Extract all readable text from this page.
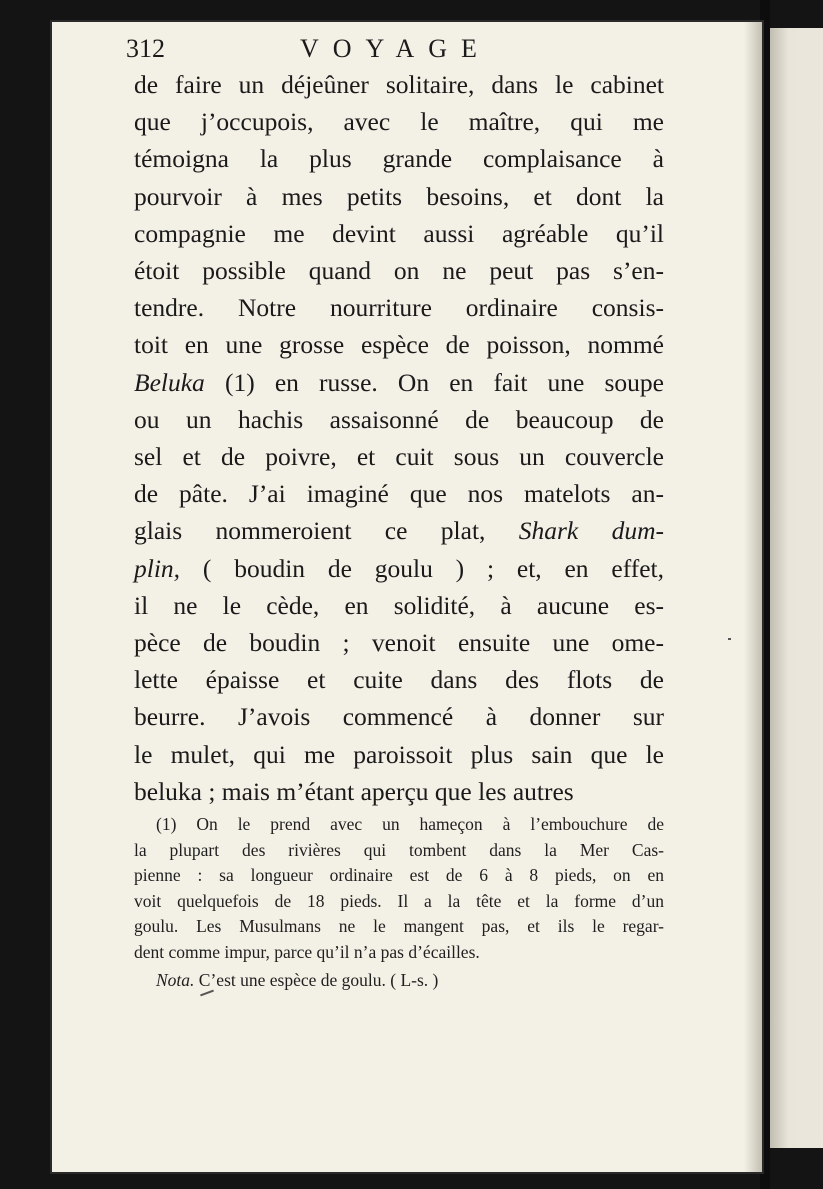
312	VOYAGE
de faire un déjeûner solitaire, dans le cabinet
que j’occupois, avec le maître, qui me
témoigna la plus grande complaisance à
pourvoir à mes petits besoins, et dont la
compagnie me devint aussi agréable qu’il
étoit possible quand on ne peut pas s’en-
tendre. Notre nourriture ordinaire consis-
toit en une grosse espèce de poisson, nommé
Beluka (1) en russe. On en fait une soupe
ou un hachis assaisonné de beaucoup de
sel et de poivre, et cuit sous un couvercle
de pâte. J’ai imaginé que nos matelots an-
glais nommeroient ce plat, Shark dum-
plin, ( boudin de goulu ) ; et, en effet,
il ne le cède, en solidité, à aucune es-
pèce de boudin ; venoit ensuite une ome-
lette épaisse et cuite dans des flots de
beurre. J’avois commencé à donner sur
le mulet, qui me paroissoit plus sain que le
beluka ; mais m’étant aperçu que les autres
(1) On le prend avec un hameçon à l’embouchure de
la plupart des rivières qui tombent dans la Mer Cas-
pienne : sa longueur ordinaire est de 6 à 8 pieds, on en
voit quelquefois de 18 pieds. Il a la tête et la forme d’un
goulu. Les Musulmans ne le mangent pas, et ils le regar-
dent comme impur, parce qu’il n’a pas d’écailles.
Nota. C’est une espèce de goulu. ( L-s. )
